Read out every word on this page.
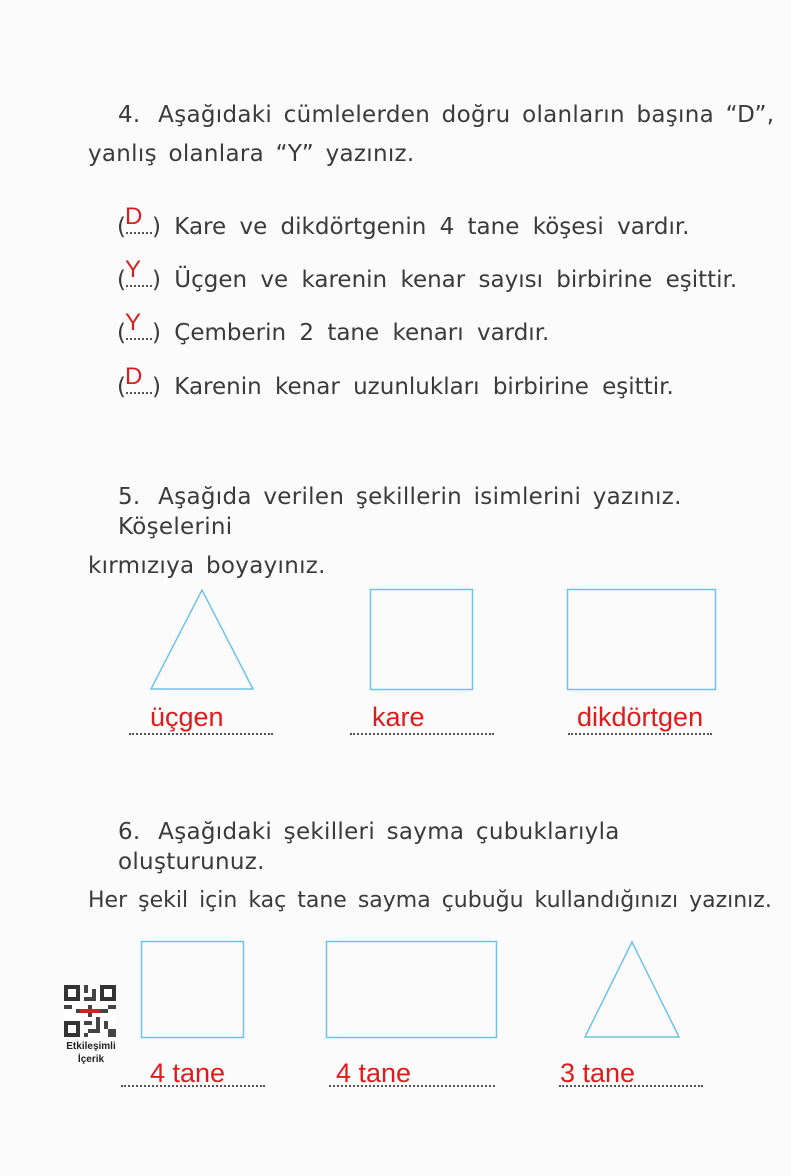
4. Aşağıdaki cümlelerden doğru olanların başına “D”,
yanlış olanlara “Y” yazınız.
( )
D Kare ve dikdörtgenin 4 tane köşesi vardır.
( )
Y Üçgen ve karenin kenar sayısı birbirine eşittir.
( )
Y Çemberin 2 tane kenarı vardır.
( )
D Karenin kenar uzunlukları birbirine eşittir.
5. Aşağıda verilen şekillerin isimlerini yazınız. Köşelerini
kırmızıya boyayınız.
üçgen	kare	dikdörtgen
6. Aşağıdaki şekilleri sayma çubuklarıyla oluşturunuz.
Her şekil için kaç tane sayma çubuğu kullandığınızı yazınız.
4 tane	4 tane	3 tane
Etkileşimli
İçerik
